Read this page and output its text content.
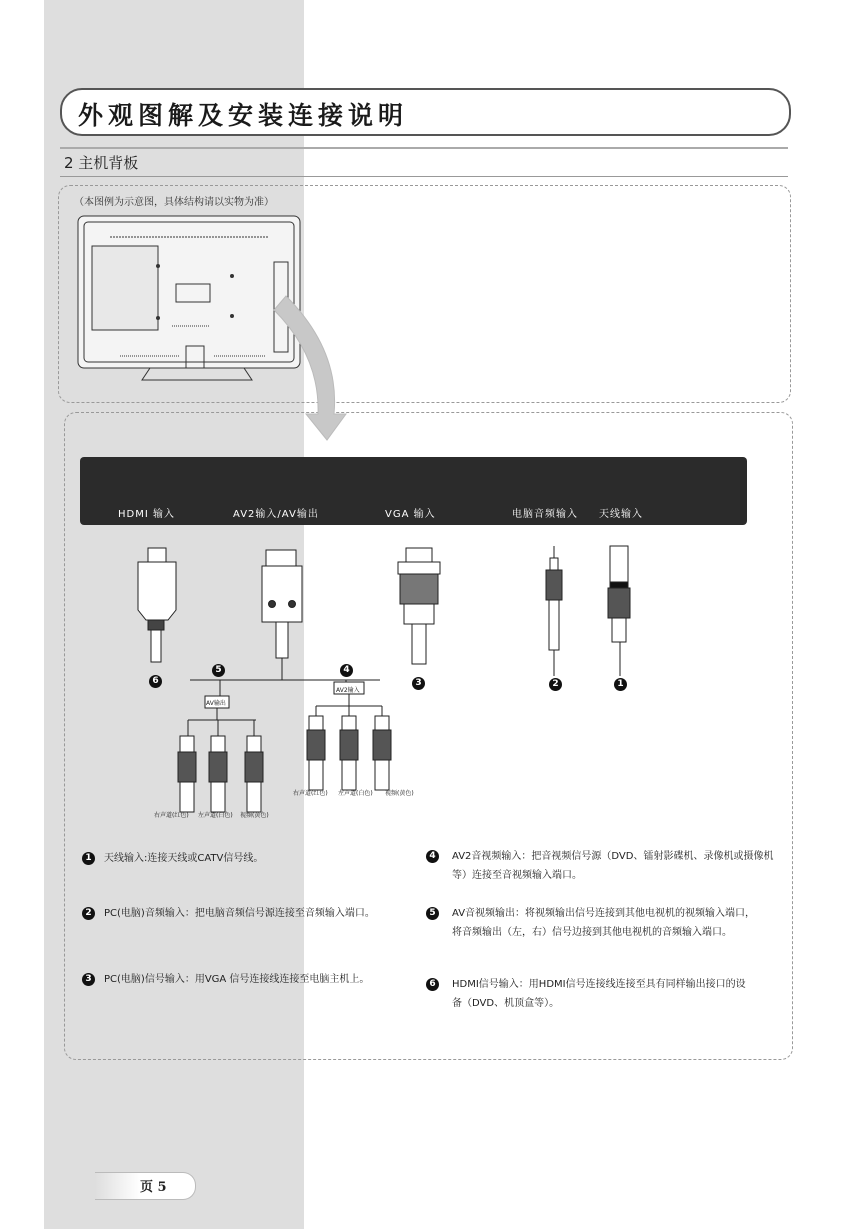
外观图解及安装连接说明
2 主机背板
（本图例为示意图，具体结构请以实物为准）
HDMI 输入	AV2输入/AV输出	VGA 输入	电脑音频输入 天线输入
6
5	4
3	2	1
AV输出
AV2输入
右声道(红色) 左声道(白色) 视频(黄色)
右声道(红色) 左声道(白色) 视频(黄色)
1	天线输入:连接天线或CATV信号线。
2	PC(电脑)音频输入：把电脑音频信号源连接至音频输入端口。
3	PC(电脑)信号输入：用VGA 信号连接线连接至电脑主机上。
4	AV2音视频输入：把音视频信号源（DVD、镭射影碟机、录像机或摄像机等）连接至音视频输入端口。
5	AV音视频输出：将视频输出信号连接到其他电视机的视频输入端口，将音频输出（左，右）信号边接到其他电视机的音频输入端口。
6	HDMI信号输入：用HDMI信号连接线连接至具有同样输出接口的设备（DVD、机顶盒等）。
页 5
